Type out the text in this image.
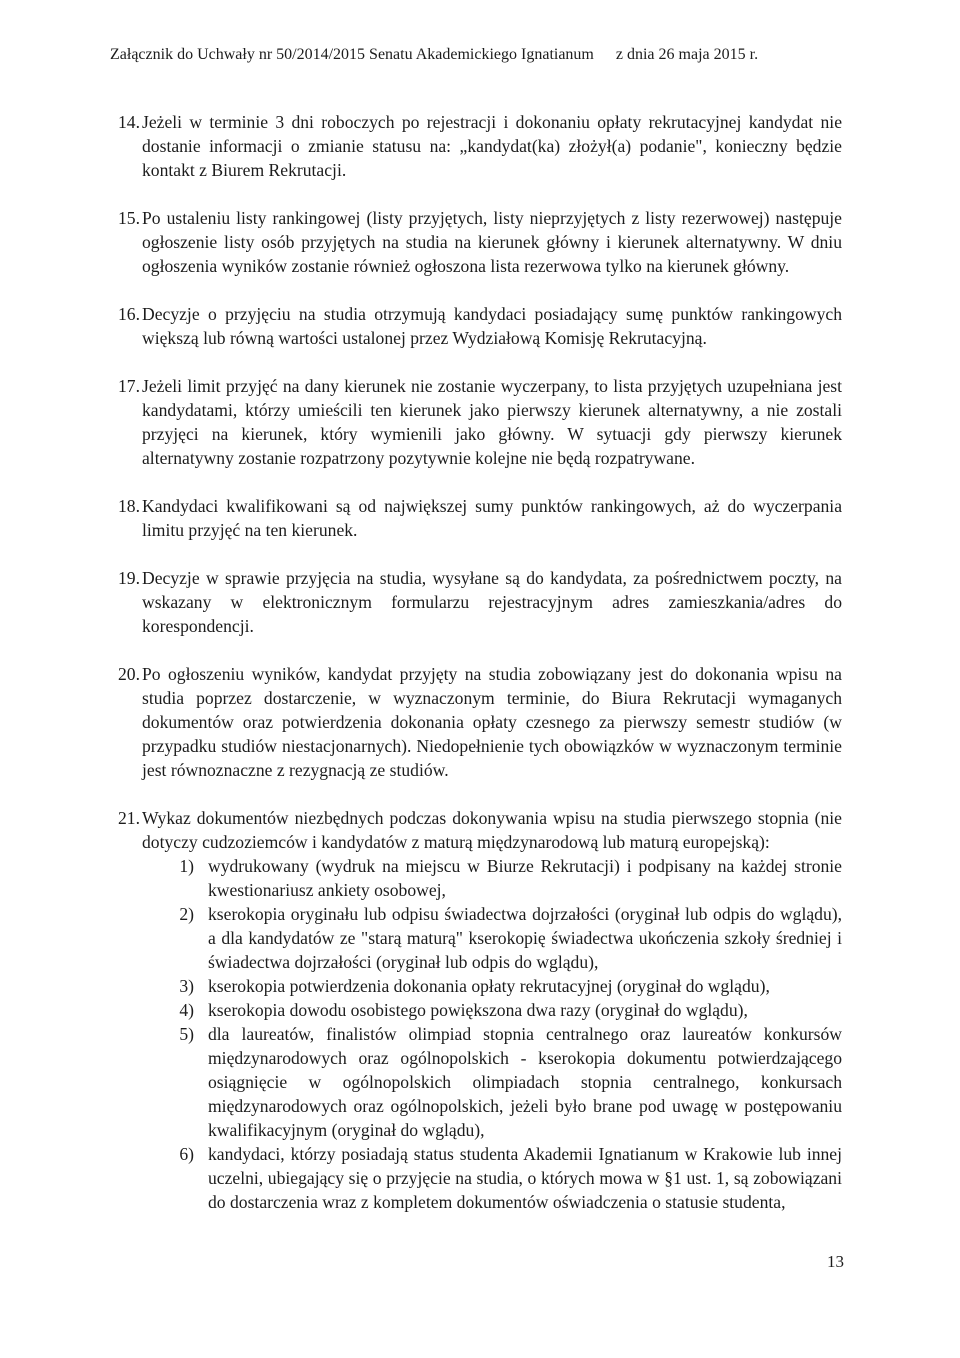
Załącznik do Uchwały nr 50/2014/2015 Senatu Akademickiego Ignatianum z dnia 26 maja 2015 r.
14. Jeżeli w terminie 3 dni roboczych po rejestracji i dokonaniu opłaty rekrutacyjnej kandydat nie dostanie informacji o zmianie statusu na: „kandydat(ka) złożył(a) podanie", konieczny będzie kontakt z Biurem Rekrutacji.
15. Po ustaleniu listy rankingowej (listy przyjętych, listy nieprzyjętych z listy rezerwowej) następuje ogłoszenie listy osób przyjętych na studia na kierunek główny i kierunek alternatywny. W dniu ogłoszenia wyników zostanie również ogłoszona lista rezerwowa tylko na kierunek główny.
16. Decyzje o przyjęciu na studia otrzymują kandydaci posiadający sumę punktów rankingowych większą lub równą wartości ustalonej przez Wydziałową Komisję Rekrutacyjną.
17. Jeżeli limit przyjęć na dany kierunek nie zostanie wyczerpany, to lista przyjętych uzupełniana jest kandydatami, którzy umieścili ten kierunek jako pierwszy kierunek alternatywny, a nie zostali przyjęci na kierunek, który wymienili jako główny. W sytuacji gdy pierwszy kierunek alternatywny zostanie rozpatrzony pozytywnie kolejne nie będą rozpatrywane.
18. Kandydaci kwalifikowani są od największej sumy punktów rankingowych, aż do wyczerpania limitu przyjęć na ten kierunek.
19. Decyzje w sprawie przyjęcia na studia, wysyłane są do kandydata, za pośrednictwem poczty, na wskazany w elektronicznym formularzu rejestracyjnym adres zamieszkania/adres do korespondencji.
20. Po ogłoszeniu wyników, kandydat przyjęty na studia zobowiązany jest do dokonania wpisu na studia poprzez dostarczenie, w wyznaczonym terminie, do Biura Rekrutacji wymaganych dokumentów oraz potwierdzenia dokonania opłaty czesnego za pierwszy semestr studiów (w przypadku studiów niestacjonarnych). Niedopełnienie tych obowiązków w wyznaczonym terminie jest równoznaczne z rezygnacją ze studiów.
21. Wykaz dokumentów niezbędnych podczas dokonywania wpisu na studia pierwszego stopnia (nie dotyczy cudzoziemców i kandydatów z maturą międzynarodową lub maturą europejską):
1) wydrukowany (wydruk na miejscu w Biurze Rekrutacji) i podpisany na każdej stronie kwestionariusz ankiety osobowej,
2) kserokopia oryginału lub odpisu świadectwa dojrzałości (oryginał lub odpis do wglądu), a dla kandydatów ze "starą maturą" kserokopię świadectwa ukończenia szkoły średniej i świadectwa dojrzałości (oryginał lub odpis do wglądu),
3) kserokopia potwierdzenia dokonania opłaty rekrutacyjnej (oryginał do wglądu),
4) kserokopia dowodu osobistego powiększona dwa razy (oryginał do wglądu),
5) dla laureatów, finalistów olimpiad stopnia centralnego oraz laureatów konkursów międzynarodowych oraz ogólnopolskich - kserokopia dokumentu potwierdzającego osiągnięcie w ogólnopolskich olimpiadach stopnia centralnego, konkursach międzynarodowych oraz ogólnopolskich, jeżeli było brane pod uwagę w postępowaniu kwalifikacyjnym (oryginał do wglądu),
6) kandydaci, którzy posiadają status studenta Akademii Ignatianum w Krakowie lub innej uczelni, ubiegający się o przyjęcie na studia, o których mowa w §1 ust. 1, są zobowiązani do dostarczenia wraz z kompletem dokumentów oświadczenia o statusie studenta,
13
